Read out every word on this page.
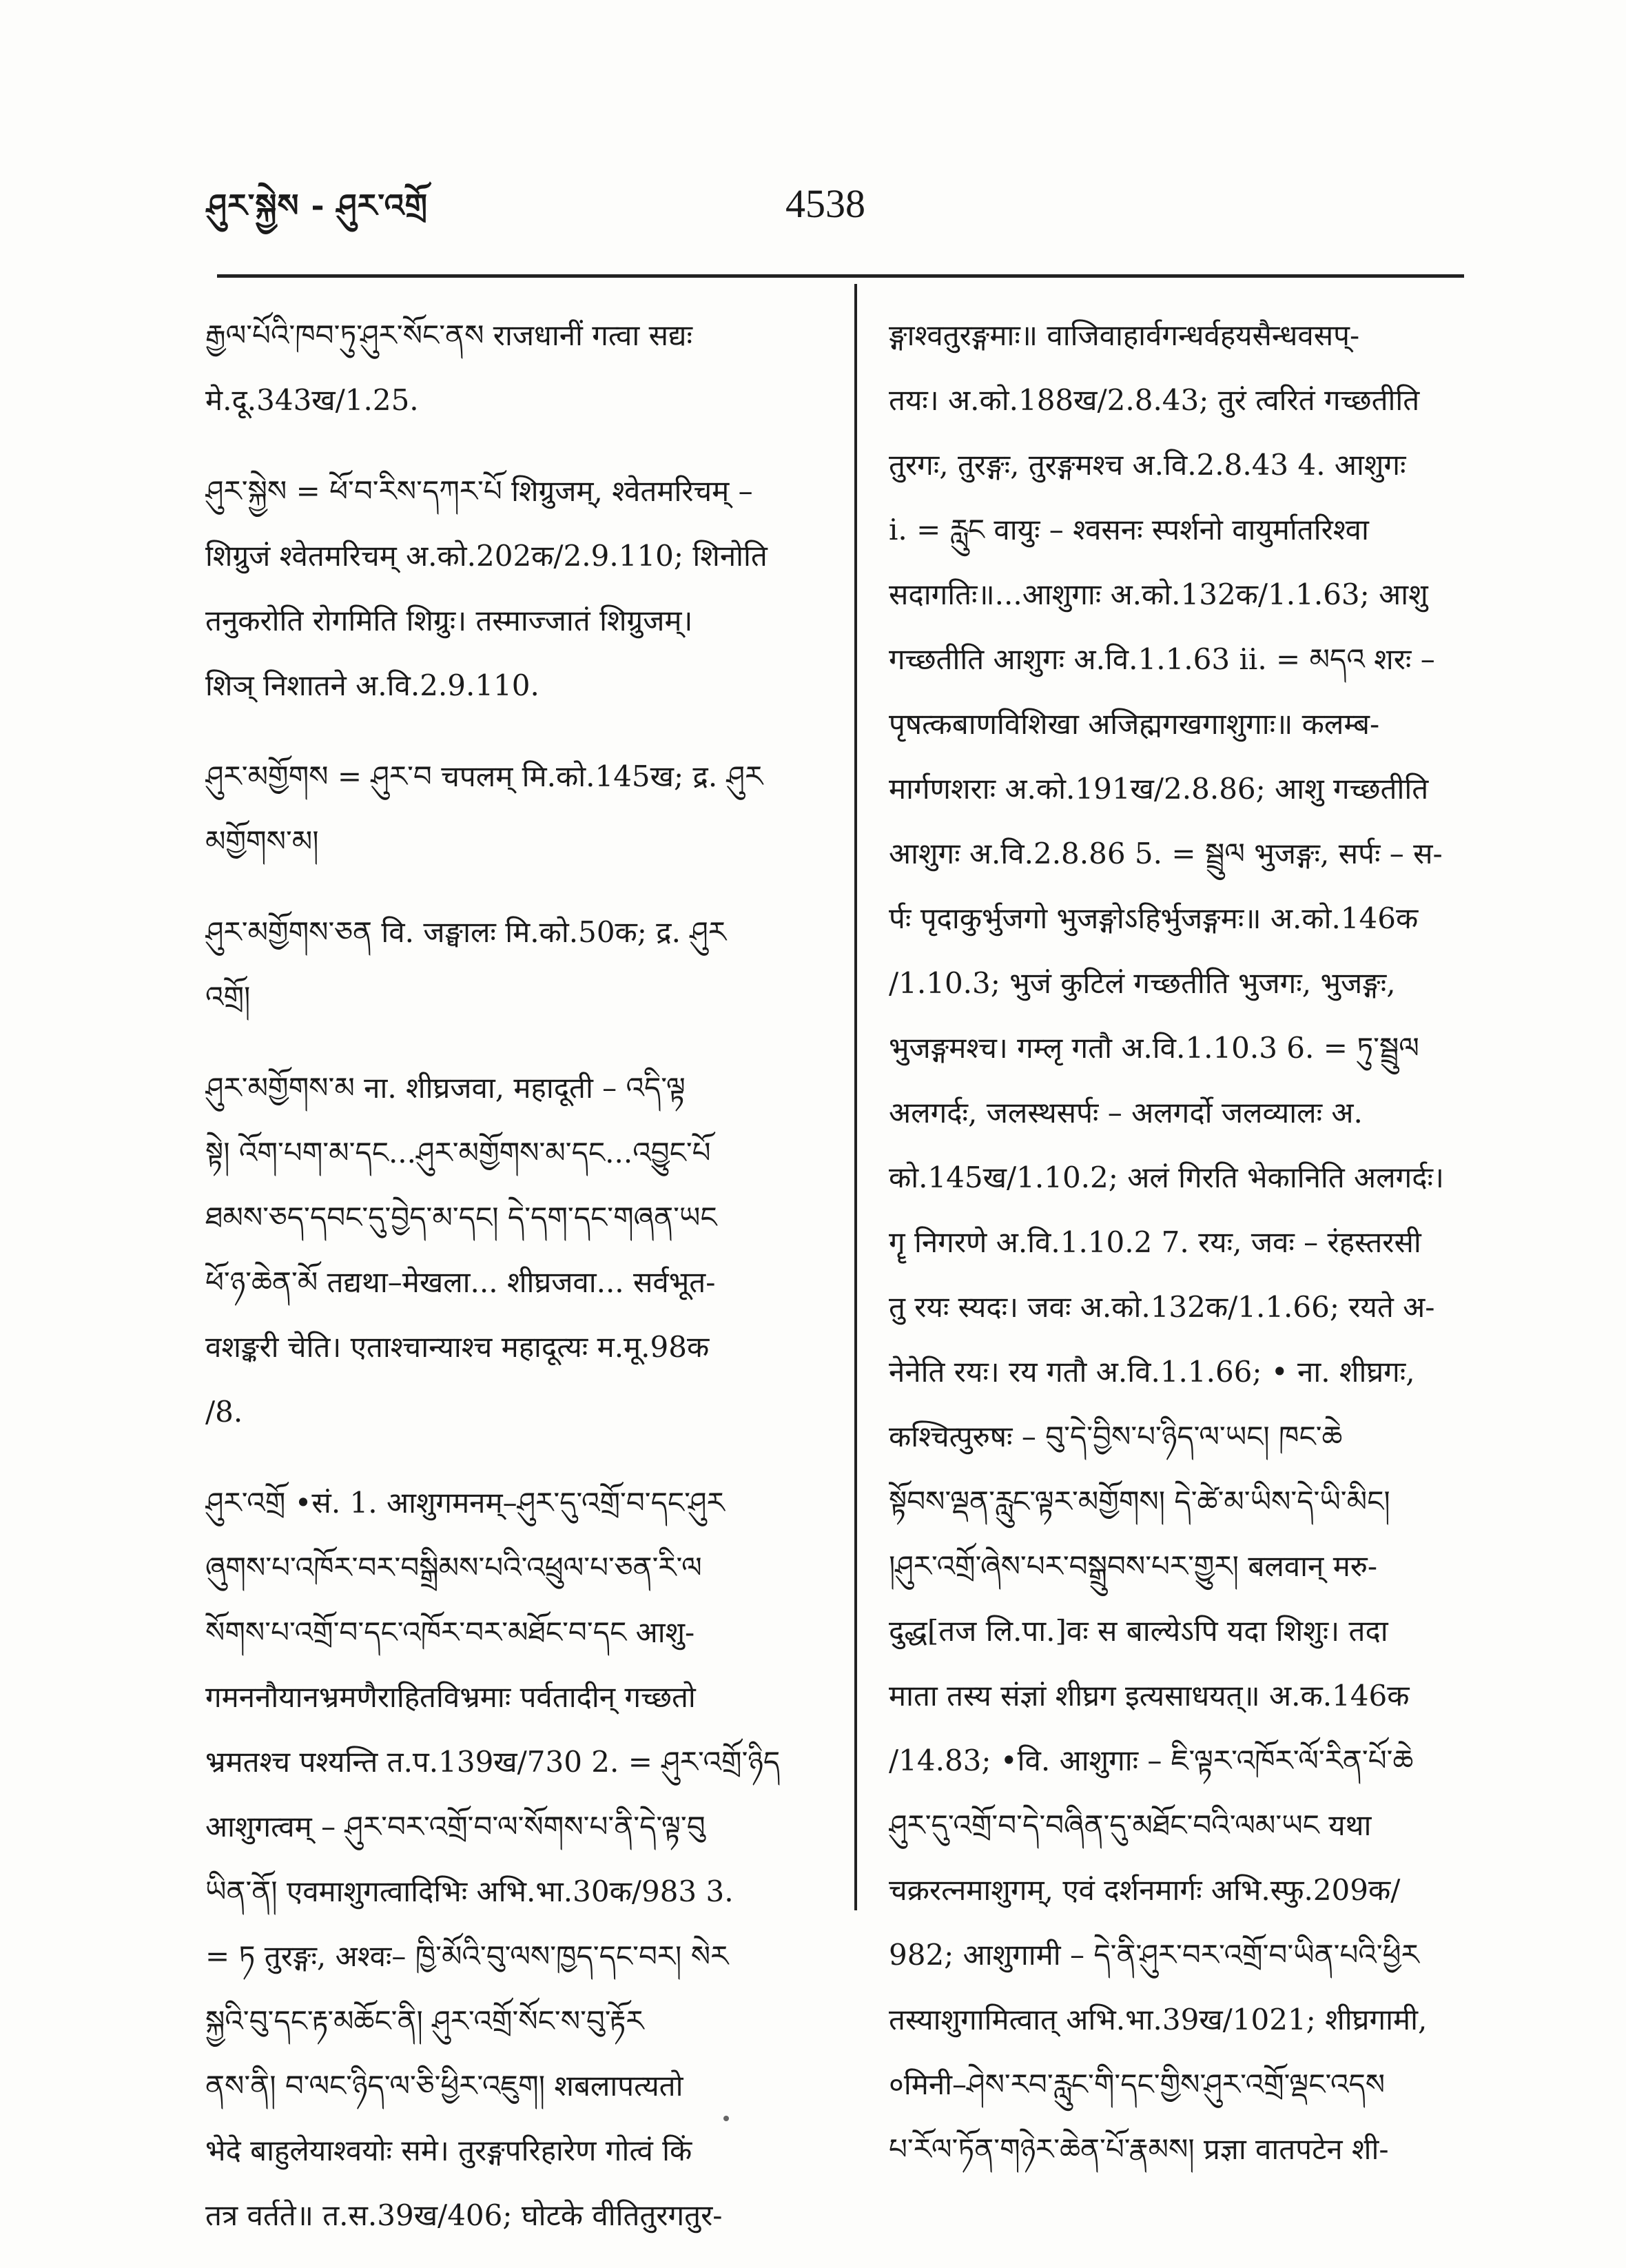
ཤུར་སྐྱེས - ཤུར་འགྲོ	4538
རྒྱལ་པོའི་ཁབ་ཏུ་ཤུར་སོང་ནས राजधानीं गत्वा सद्यः
मे.दू.343ख/1.25.
ཤུར་སྐྱེས = ཕོ་བ་རིས་དཀར་པོ शिग्रुजम्, श्वेतमरिचम् –
शिग्रुजं श्वेतमरिचम् अ.को.202क/2.9.110; शिनोति
तनुकरोति रोगमिति शिग्रुः। तस्माज्जातं शिग्रुजम्।
शिञ् निशातने अ.वि.2.9.110.
ཤུར་མགྱོགས = ཤུར་བ चपलम् मि.को.145ख; द्र. ཤུར
མགྱོགས་མ།
ཤུར་མགྱོགས་ཅན वि. जङ्घालः मि.को.50क; द्र. ཤུར
འགྲོ།
ཤུར་མགྱོགས་མ ना. शीघ्रजवा, महादूती – འདི་ལྟ
སྟེ། འོག་པག་མ་དང...ཤུར་མགྱོགས་མ་དང...འབྱུང་པོ
ཐམས་ཅད་དབང་དུ་བྱེད་མ་དང། དེ་དག་དང་གཞན་ཡང
ཕོ་ཉ་ཆེན་མོ तद्यथा–मेखला... शीघ्रजवा... सर्वभूत-
वशङ्करी चेति। एताश्चान्याश्च महादूत्यः म.मू.98क
/8.
ཤུར་འགྲོ •सं. 1. आशुगमनम्–ཤུར་དུ་འགྲོ་བ་དང་ཤུར
ཞུགས་པ་འཁོར་བར་བསྒྲིམས་པའི་འཕྲུལ་པ་ཅན་རི་ལ
སོགས་པ་འགྲོ་བ་དང་འཁོར་བར་མཐོང་བ་དང आशु-
गमननौयानभ्रमणैराहितविभ्रमाः पर्वतादीन् गच्छतो
भ्रमतश्च पश्यन्ति त.प.139ख/730 2. = ཤུར་འགྲོ་ཉིད
आशुगत्वम् – ཤུར་བར་འགྲོ་བ་ལ་སོགས་པ་ནི་དེ་ལྟ་བུ
ཡིན་ནོ། एवमाशुगत्वादिभिः अभि.भा.30क/983 3.
= ཏ तुरङ्गः, अश्वः– ཁྱི་མོའི་བུ་ལས་ཁྱད་དང་བར། སེར
སྐྱའི་བུ་དང་རྟ་མཆོང་ནི། ཤུར་འགྲོ་སོང་ས་བུ་རྟོར
ནས་ནི། བ་ལང་ཉིད་ལ་ཅི་ཕྱིར་འཇུག། शबलापत्यतो
भेदे बाहुलेयाश्वयोः समे। तुरङ्गपरिहारेण गोत्वं किं
तत्र वर्तते॥ त.स.39ख/406; घोटके वीतितुरगतुर-
ङ्गाश्वतुरङ्गमाः॥ वाजिवाहार्वगन्धर्वहयसैन्धवसप्-
तयः। अ.को.188ख/2.8.43; तुरं त्वरितं गच्छतीति
तुरगः, तुरङ्गः, तुरङ्गमश्च अ.वि.2.8.43 4. आशुगः
i. = རླུང वायुः – श्वसनः स्पर्शनो वायुर्मातरिश्वा
सदागतिः॥...आशुगाः अ.को.132क/1.1.63; आशु
गच्छतीति आशुगः अ.वि.1.1.63 ii. = མདའ शरः –
पृषत्कबाणविशिखा अजिह्मगखगाशुगाः॥ कलम्ब-
मार्गणशराः अ.को.191ख/2.8.86; आशु गच्छतीति
आशुगः अ.वि.2.8.86 5. = སྦྲུལ भुजङ्गः, सर्पः – स-
र्पः पृदाकुर्भुजगो भुजङ्गोऽहिर्भुजङ्गमः॥ अ.को.146क
/1.10.3; भुजं कुटिलं गच्छतीति भुजगः, भुजङ्गः,
भुजङ्गमश्च। गम्लृ गतौ अ.वि.1.10.3 6. = ཏུ་སྦྲུལ
अलगर्दः, जलस्थसर्पः – अलगर्दो जलव्यालः अ.
को.145ख/1.10.2; अलं गिरति भेकानिति अलगर्दः।
गॄ निगरणे अ.वि.1.10.2 7. रयः, जवः – रंहस्तरसी
तु रयः स्यदः। जवः अ.को.132क/1.1.66; रयते अ-
नेनेति रयः। रय गतौ अ.वि.1.1.66; • ना. शीघ्रगः,
कश्चित्पुरुषः – བུ་དེ་བྱིས་པ་ཉིད་ལ་ཡང། ཁང་ཆེ
སྟོབས་ལྡན་རླུང་ལྟར་མགྱོགས། དེ་ཚེ་མ་ཡིས་དེ་ཡི་མིང།
།ཤུར་འགྲོ་ཞེས་པར་བསྒྲུབས་པར་གྱུར། बलवान् मरु-
दुद्ध[तज लि.पा.]वः स बाल्येऽपि यदा शिशुः। तदा
माता तस्य संज्ञां शीघ्रग इत्यसाधयत्॥ अ.क.146क
/14.83; •वि. आशुगाः – ཇི་ལྟར་འཁོར་ལོ་རིན་པོ་ཆེ
ཤུར་དུ་འགྲོ་བ་དེ་བཞིན་དུ་མཐོང་བའི་ལམ་ཡང यथा
चक्ररत्नमाशुगम्, एवं दर्शनमार्गः अभि.स्फु.209क/
982; आशुगामी – དེ་ནི་ཤུར་བར་འགྲོ་བ་ཡིན་པའི་ཕྱིར
तस्याशुगामित्वात् अभि.भा.39ख/1021; शीघ्रगामी,
०मिनी–ཤེས་རབ་རླུང་གི་དང་གྱིས་ཤུར་འགྲོ་ལྡང་འདས
པ་རོལ་ཏོན་གཉེར་ཆེན་པོ་རྣམས། प्रज्ञा वातपटेन शी-
